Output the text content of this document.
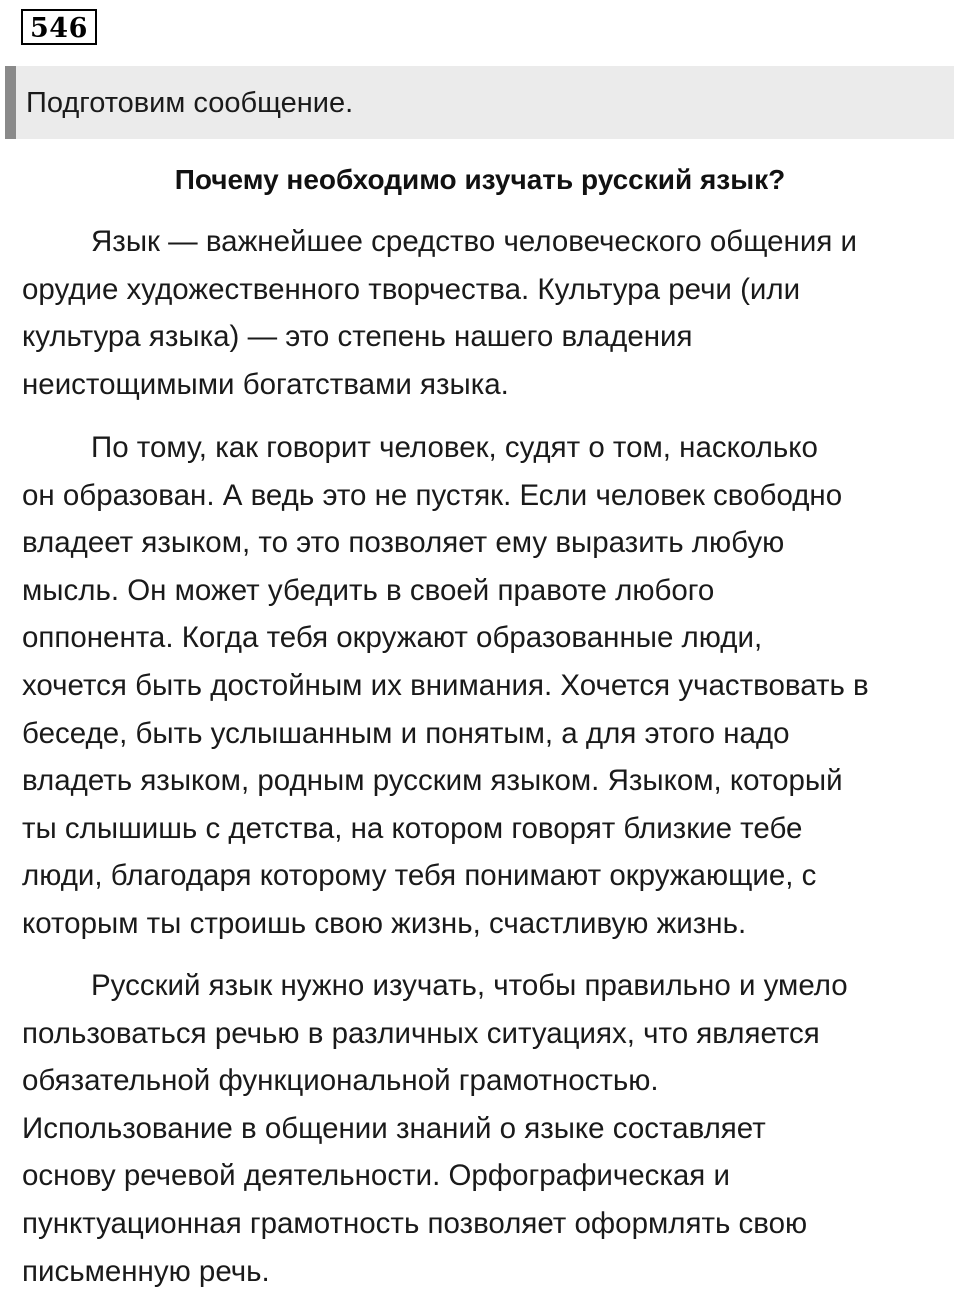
546
Подготовим сообщение.
Почему необходимо изучать русский язык?

Язык — важнейшее средство человеческого общения и
орудие художественного творчества. Культура речи (или
культура языка) — это степень нашего владения
неистощимыми богатствами языка.

По тому, как говорит человек, судят о том, насколько
он образован. А ведь это не пустяк. Если человек свободно
владеет языком, то это позволяет ему выразить любую
мысль. Он может убедить в своей правоте любого
оппонента. Когда тебя окружают образованные люди,
хочется быть достойным их внимания. Хочется участвовать в
беседе, быть услышанным и понятым, а для этого надо
владеть языком, родным русским языком. Языком, который
ты слышишь с детства, на котором говорят близкие тебе
люди, благодаря которому тебя понимают окружающие, с
которым ты строишь свою жизнь, счастливую жизнь.

Русский язык нужно изучать, чтобы правильно и умело
пользоваться речью в различных ситуациях, что является
обязательной функциональной грамотностью.
Использование в общении знаний о языке составляет
основу речевой деятельности. Орфографическая и
пунктуационная грамотность позволяет оформлять свою
письменную речь.
